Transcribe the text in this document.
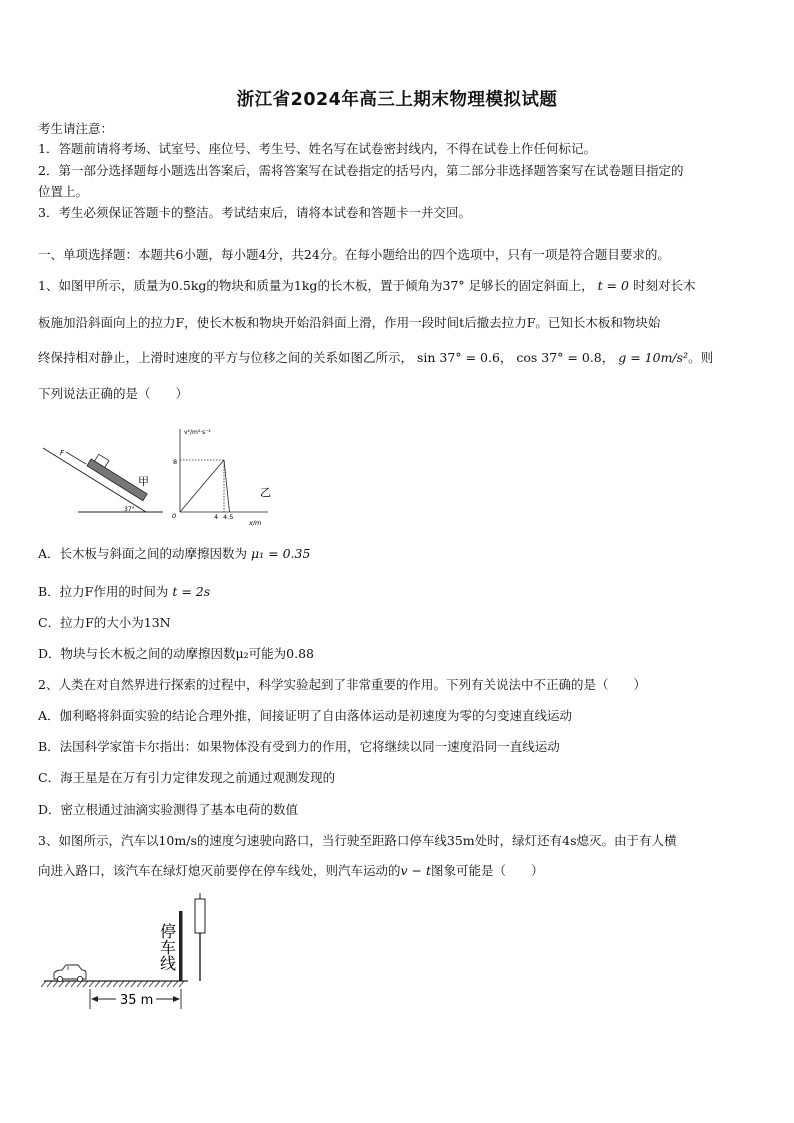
浙江省2024年高三上期末物理模拟试题
考生请注意：
1．答题前请将考场、试室号、座位号、考生号、姓名写在试卷密封线内，不得在试卷上作任何标记。
2．第一部分选择题每小题选出答案后，需将答案写在试卷指定的括号内，第二部分非选择题答案写在试卷题目指定的
位置上。
3．考生必须保证答题卡的整洁。考试结束后，请将本试卷和答题卡一并交回。
一、单项选择题：本题共6小题，每小题4分，共24分。在每小题给出的四个选项中，只有一项是符合题目要求的。
1、如图甲所示，质量为0.5kg的物块和质量为1kg的长木板，置于倾角为37° 足够长的固定斜面上， t = 0 时刻对长木
板施加沿斜面向上的拉力F，使长木板和物块开始沿斜面上滑，作用一段时间t后撤去拉力F。已知长木板和物块始
终保持相对静止，上滑时速度的平方与位移之间的关系如图乙所示， sin 37° = 0.6， cos 37° = 0.8， g = 10m/s²。则
下列说法正确的是（　　）
F
甲
37°
v²/m²·s⁻²
8
0	4 4.5
x/m
乙
A．长木板与斜面之间的动摩擦因数为 μ₁ = 0.35
B．拉力F作用的时间为 t = 2s
C．拉力F的大小为13N
D．物块与长木板之间的动摩擦因数μ₂可能为0.88
2、人类在对自然界进行探索的过程中，科学实验起到了非常重要的作用。下列有关说法中不正确的是（　　）
A．伽利略将斜面实验的结论合理外推，间接证明了自由落体运动是初速度为零的匀变速直线运动
B．法国科学家笛卡尔指出：如果物体没有受到力的作用，它将继续以同一速度沿同一直线运动
C．海王星是在万有引力定律发现之前通过观测发现的
D．密立根通过油滴实验测得了基本电荷的数值
3、如图所示，汽车以10m/s的速度匀速驶向路口，当行驶至距路口停车线35m处时，绿灯还有4s熄灭。由于有人横
向进入路口，该汽车在绿灯熄灭前要停在停车线处，则汽车运动的v − t图象可能是（　　）
停车线
35 m
